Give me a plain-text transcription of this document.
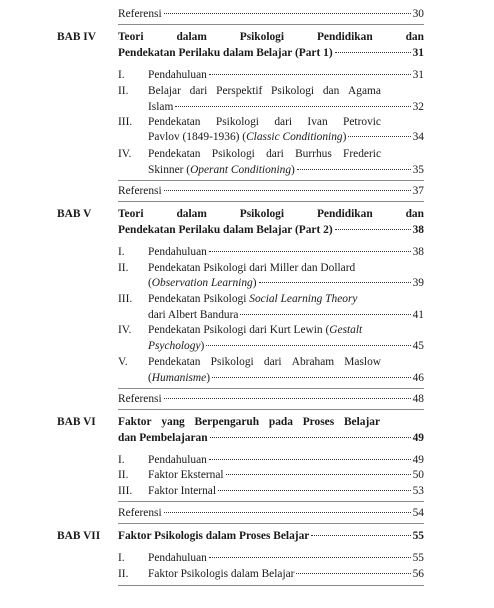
Referensi	30
BAB IV Teori	dalam	Psikologi	Pendidikan	dan
Pendekatan Perilaku dalam Belajar (Part 1)	31
I. Pendahuluan	31
II. Belajar dari Perspektif Psikologi dan Agama
Islam	32
III. Pendekatan Psikologi dari Ivan Petrovic
Pavlov (1849-1936) (Classic Conditioning)	34
IV. Pendekatan Psikologi dari Burrhus Frederic
Skinner (Operant Conditioning)	35
Referensi	37
BAB V Teori	dalam	Psikologi	Pendidikan	dan
Pendekatan Perilaku dalam Belajar (Part 2)	38
I. Pendahuluan	38
II. Pendekatan Psikologi dari Miller dan Dollard
(Observation Learning)	39
III. Pendekatan Psikologi Social Learning Theory
dari Albert Bandura	41
IV. Pendekatan Psikologi dari Kurt Lewin (Gestalt
Psychology)	45
V. Pendekatan Psikologi dari Abraham Maslow
(Humanisme)	46
Referensi	48
BAB VI Faktor yang Berpengaruh pada Proses Belajar
dan Pembelajaran	49
I. Pendahuluan	49
II. Faktor Eksternal	50
III. Faktor Internal	53
Referensi	54
BAB VII Faktor Psikologis dalam Proses Belajar	55
I. Pendahuluan	55
II. Faktor Psikologis dalam Belajar	56
